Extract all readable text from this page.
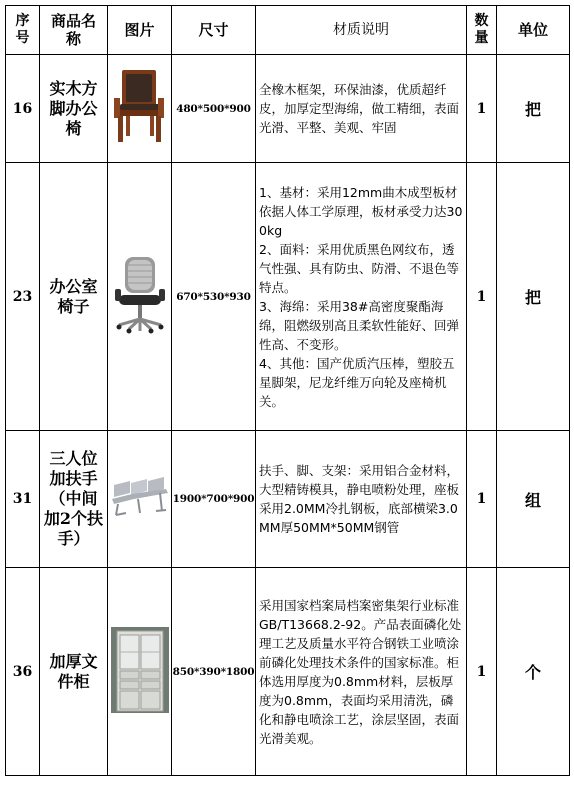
序号	商品名称	图片	尺寸	材质说明	数量	单位
16	实木方脚办公椅		480*500*900	全橡木框架，环保油漆，优质超纤皮，加厚定型海绵，做工精细，表面光滑、平整、美观、牢固	1	把
23	办公室椅子		670*530*930	1、基材：采用12mm曲木成型板材依据人体工学原理，板材承受力达300kg
2、面料：采用优质黑色网纹布，透气性强、具有防虫、防滑、不退色等特点。
3、海绵：采用38#高密度聚酯海绵，阻燃级别高且柔软性能好、回弹性高、不变形。
4、其他：国产优质汽压棒，塑胶五星脚架，尼龙纤维万向轮及座椅机关。	1	把
31	三人位加扶手（中间加2个扶手）		1900*700*900	扶手、脚、支架：采用铝合金材料，大型精铸模具，静电喷粉处理，座板采用2.0MM冷扎钢板，底部横梁3.0MM厚50MM*50MM钢管	1	组
36	加厚文件柜		850*390*1800	采用国家档案局档案密集架行业标准GB/T13668.2-92。产品表面磷化处理工艺及质量水平符合钢铁工业喷涂前磷化处理技术条件的国家标准。柜体选用厚度为0.8mm材料，层板厚度为0.8mm，表面均采用清洗，磷化和静电喷涂工艺，涂层坚固，表面光滑美观。	1	个
